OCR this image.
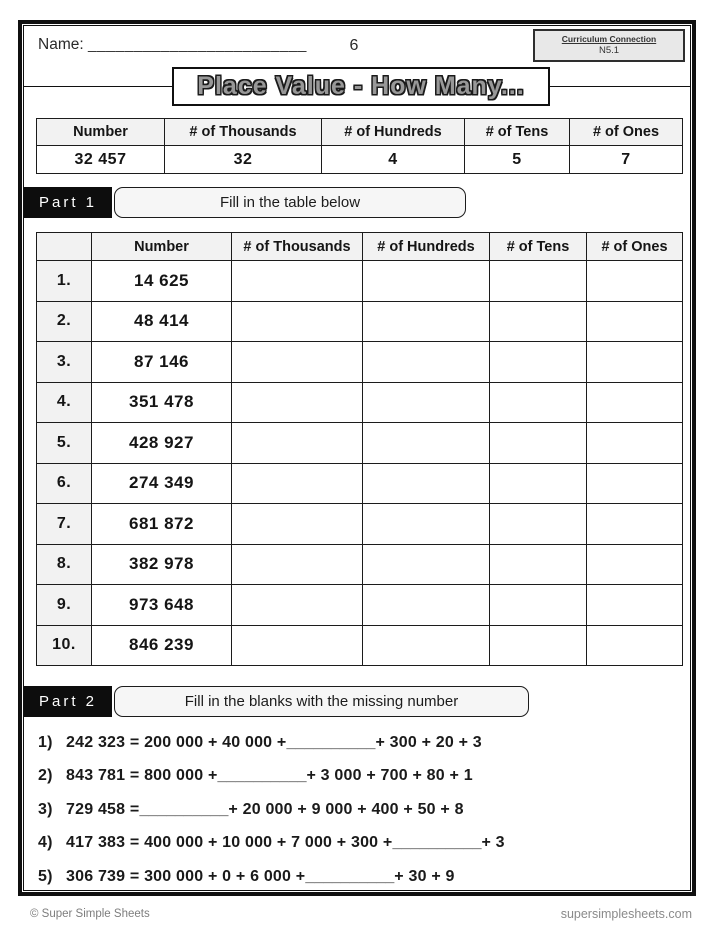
Name: ________________________	6	Curriculum Connection
N5.1
Place Value - How Many...
Number	# of Thousands	# of Hundreds	# of Tens	# of Ones
32 457	32	4	5	7
Part 1	Fill in the table below
	Number	# of Thousands	# of Hundreds	# of Tens	# of Ones
1.	14 625				
2.	48 414				
3.	87 146				
4.	351 478				
5.	428 927				
6.	274 349				
7.	681 872				
8.	382 978				
9.	973 648				
10.	846 239				
Part 2	Fill in the blanks with the missing number
1) 242 323 = 200 000 + 40 000 + __________ + 300 + 20 + 3
2) 843 781 = 800 000 + __________ + 3 000 + 700 + 80 + 1
3) 729 458 = __________ + 20 000 + 9 000 + 400 + 50 + 8
4) 417 383 = 400 000 + 10 000 + 7 000 + 300 + __________ + 3
5) 306 739 = 300 000 + 0 + 6 000 + __________ + 30 + 9
© Super Simple Sheets	supersimplesheets.com
